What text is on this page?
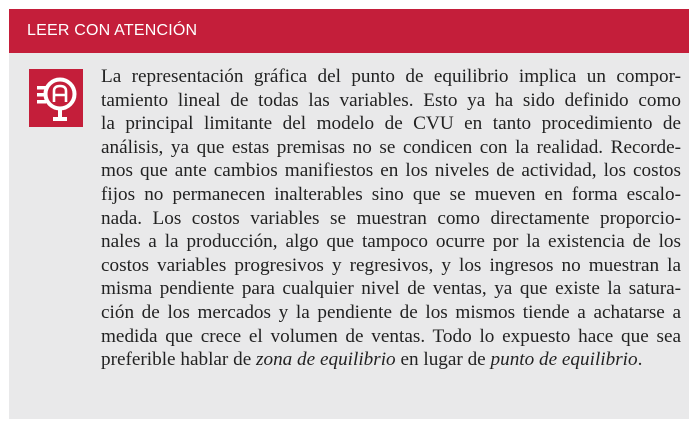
LEER CON ATENCIÓN
La representación gráfica del punto de equilibrio implica un compor-
tamiento lineal de todas las variables. Esto ya ha sido definido como
la principal limitante del modelo de CVU en tanto procedimiento de
análisis, ya que estas premisas no se condicen con la realidad. Recorde-
mos que ante cambios manifiestos en los niveles de actividad, los costos
fijos no permanecen inalterables sino que se mueven en forma escalo-
nada. Los costos variables se muestran como directamente proporcio-
nales a la producción, algo que tampoco ocurre por la existencia de los
costos variables progresivos y regresivos, y los ingresos no muestran la
misma pendiente para cualquier nivel de ventas, ya que existe la satura-
ción de los mercados y la pendiente de los mismos tiende a achatarse a
medida que crece el volumen de ventas. Todo lo expuesto hace que sea
preferible hablar de zona de equilibrio en lugar de punto de equilibrio.
